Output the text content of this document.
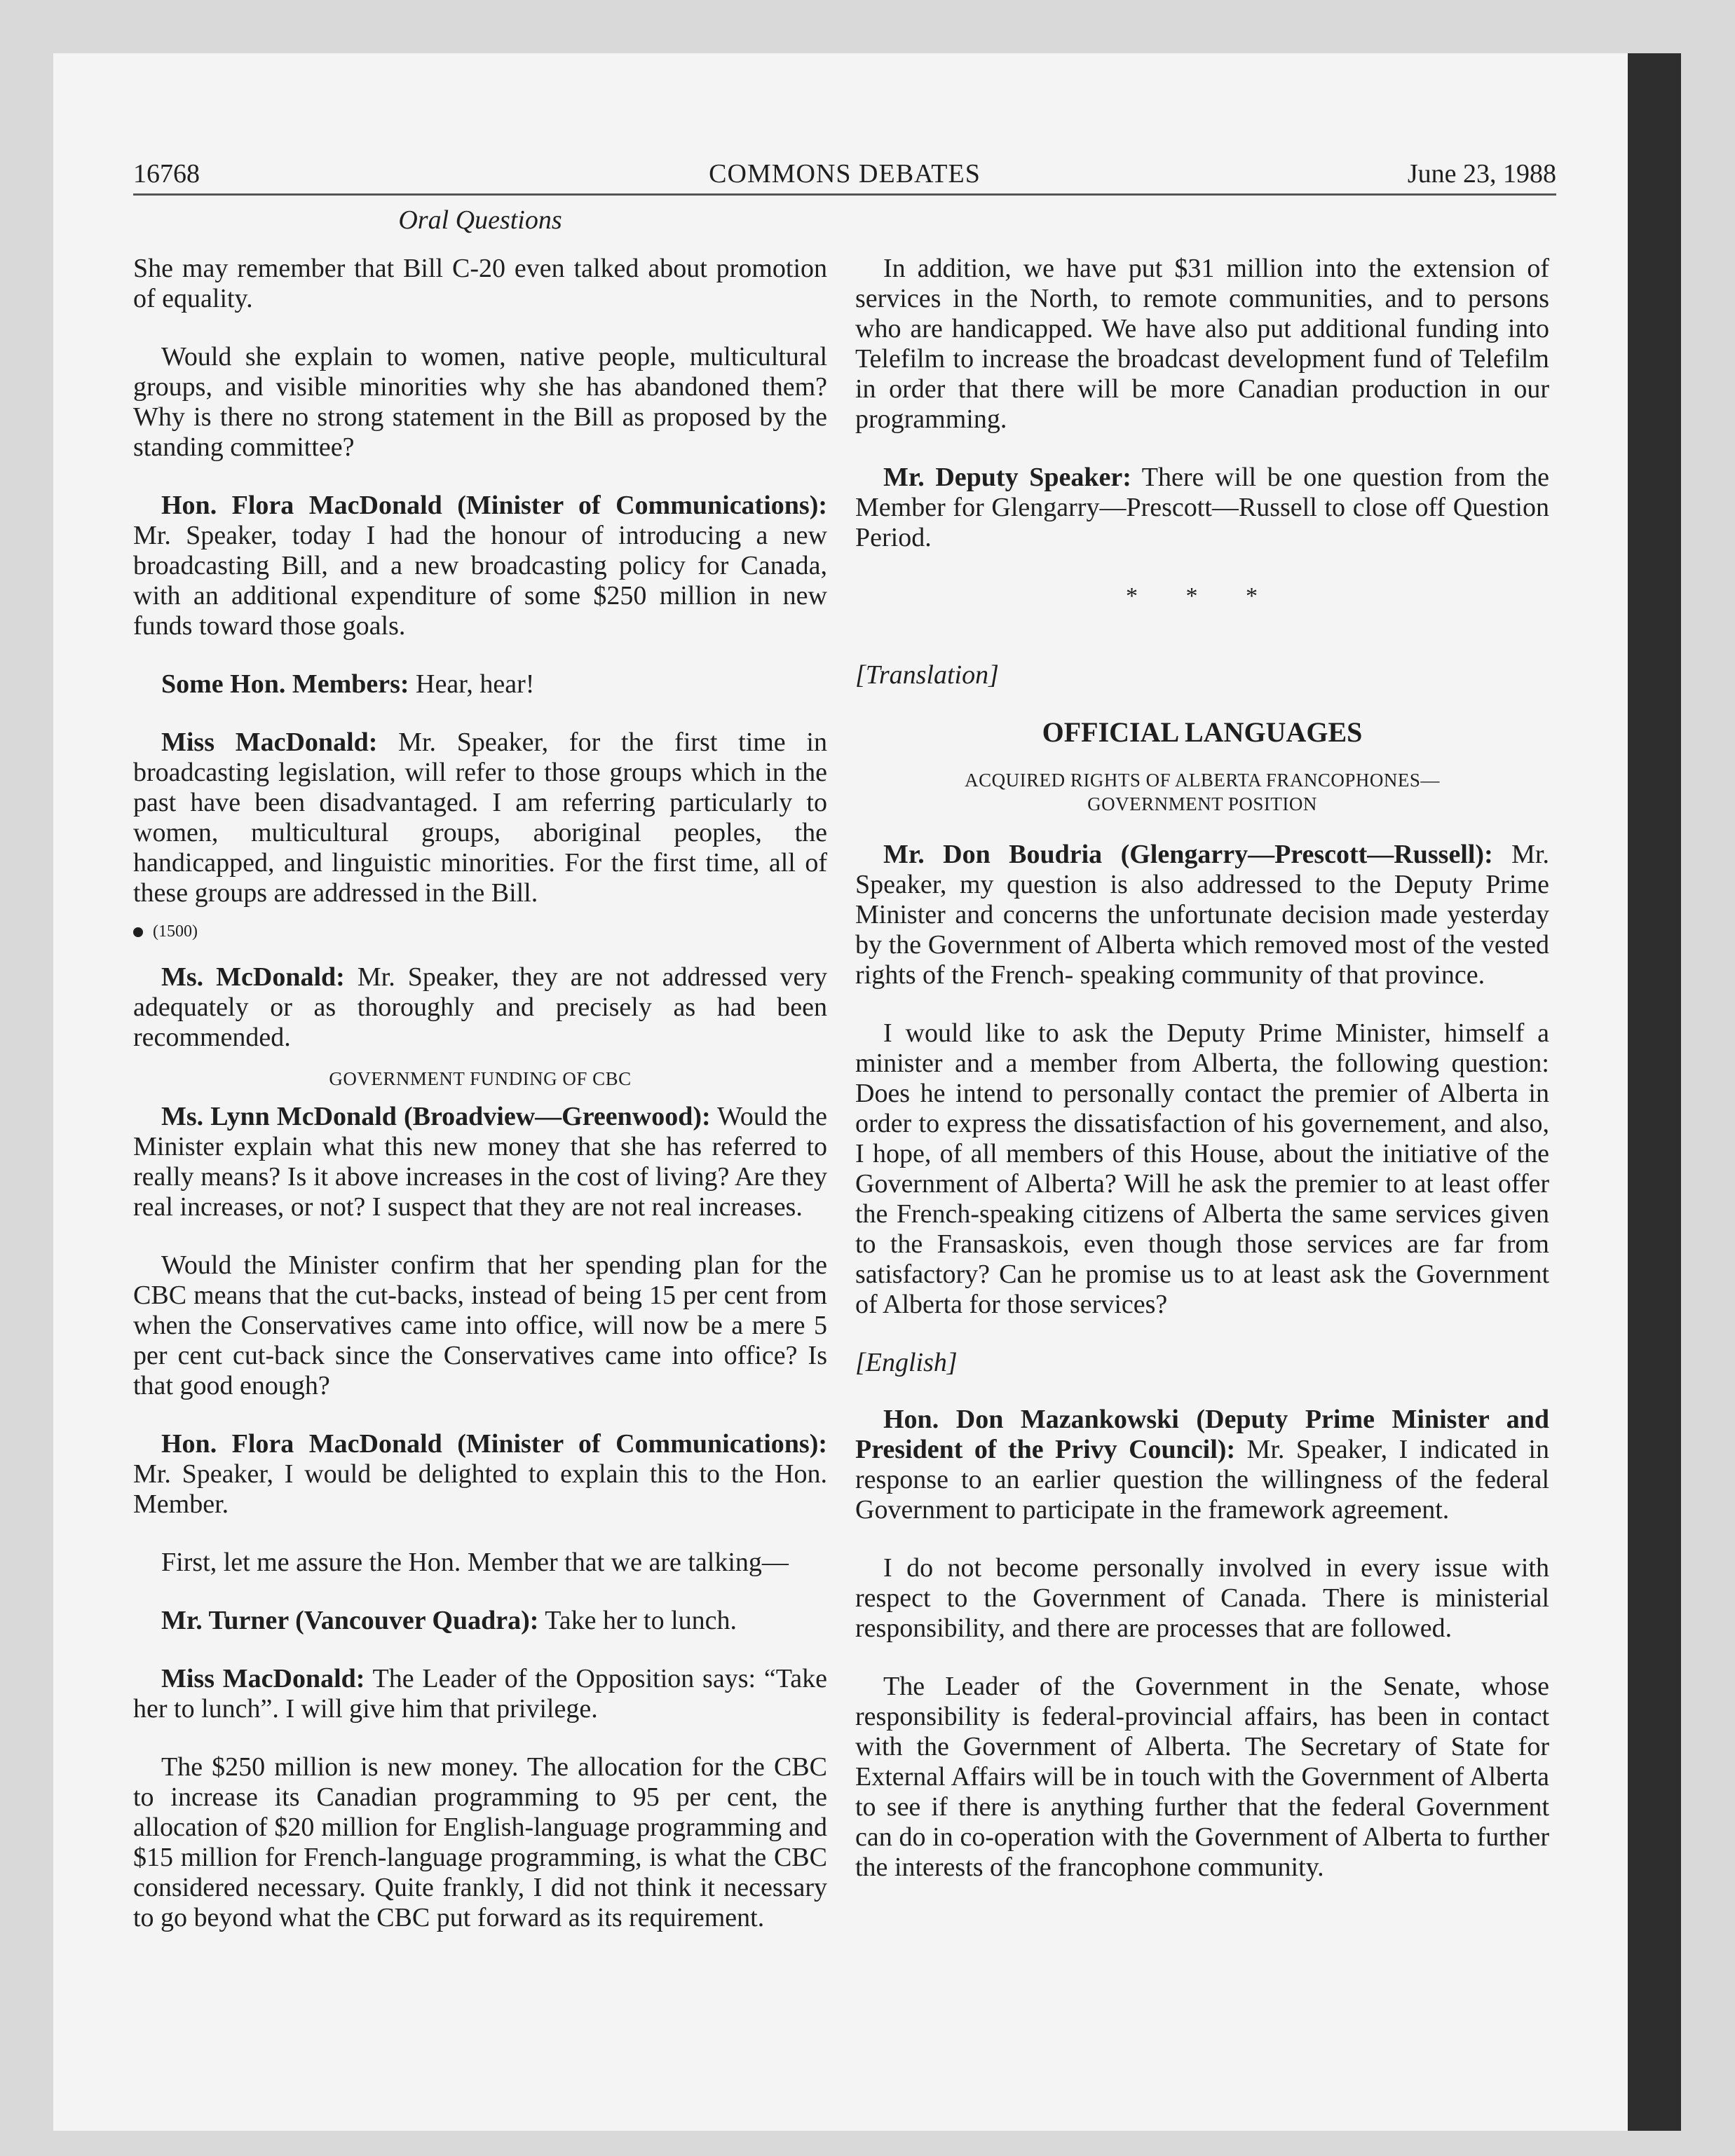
16768	COMMONS DEBATES	June 23, 1988
Oral Questions

She may remember that Bill C-20 even talked about promotion of equality.

Would she explain to women, native people, multicultural groups, and visible minorities why she has abandoned them? Why is there no strong statement in the Bill as proposed by the standing committee?

Hon. Flora MacDonald (Minister of Communications): Mr. Speaker, today I had the honour of introducing a new broadcasting Bill, and a new broadcasting policy for Canada, with an additional expenditure of some $250 million in new funds toward those goals.

Some Hon. Members: Hear, hear!

Miss MacDonald: Mr. Speaker, for the first time in broadcasting legislation, will refer to those groups which in the past have been disadvantaged. I am referring particularly to women, multicultural groups, aboriginal peoples, the handicapped, and linguistic minorities. For the first time, all of these groups are addressed in the Bill.

(1500)

Ms. McDonald: Mr. Speaker, they are not addressed very adequately or as thoroughly and precisely as had been recommended.

GOVERNMENT FUNDING OF CBC

Ms. Lynn McDonald (Broadview—Greenwood): Would the Minister explain what this new money that she has referred to really means? Is it above increases in the cost of living? Are they real increases, or not? I suspect that they are not real increases.

Would the Minister confirm that her spending plan for the CBC means that the cut-backs, instead of being 15 per cent from when the Conservatives came into office, will now be a mere 5 per cent cut-back since the Conservatives came into office? Is that good enough?

Hon. Flora MacDonald (Minister of Communications): Mr. Speaker, I would be delighted to explain this to the Hon. Member.

First, let me assure the Hon. Member that we are talking—

Mr. Turner (Vancouver Quadra): Take her to lunch.

Miss MacDonald: The Leader of the Opposition says: “Take her to lunch”. I will give him that privilege.

The $250 million is new money. The allocation for the CBC to increase its Canadian programming to 95 per cent, the allocation of $20 million for English-language programming and $15 million for French-language programming, is what the CBC considered necessary. Quite frankly, I did not think it necessary to go beyond what the CBC put forward as its requirement.

In addition, we have put $31 million into the extension of services in the North, to remote communities, and to persons who are handicapped. We have also put additional funding into Telefilm to increase the broadcast development fund of Telefilm in order that there will be more Canadian production in our programming.

Mr. Deputy Speaker: There will be one question from the Member for Glengarry—Prescott—Russell to close off Question Period.

* * *
[Translation]
OFFICIAL LANGUAGES
ACQUIRED RIGHTS OF ALBERTA FRANCOPHONES—
GOVERNMENT POSITION

Mr. Don Boudria (Glengarry—Prescott—Russell): Mr. Speaker, my question is also addressed to the Deputy Prime Minister and concerns the unfortunate decision made yesterday by the Government of Alberta which removed most of the vested rights of the French- speaking community of that province.

I would like to ask the Deputy Prime Minister, himself a minister and a member from Alberta, the following question: Does he intend to personally contact the premier of Alberta in order to express the dissatisfaction of his governement, and also, I hope, of all members of this House, about the initiative of the Government of Alberta? Will he ask the premier to at least offer the French-speaking citizens of Alberta the same services given to the Fransaskois, even though those services are far from satisfactory? Can he promise us to at least ask the Government of Alberta for those services?

[English]

Hon. Don Mazankowski (Deputy Prime Minister and President of the Privy Council): Mr. Speaker, I indicated in response to an earlier question the willingness of the federal Government to participate in the framework agreement.

I do not become personally involved in every issue with respect to the Government of Canada. There is ministerial responsibility, and there are processes that are followed.

The Leader of the Government in the Senate, whose responsibility is federal-provincial affairs, has been in contact with the Government of Alberta. The Secretary of State for External Affairs will be in touch with the Government of Alberta to see if there is anything further that the federal Government can do in co-operation with the Government of Alberta to further the interests of the francophone community.
